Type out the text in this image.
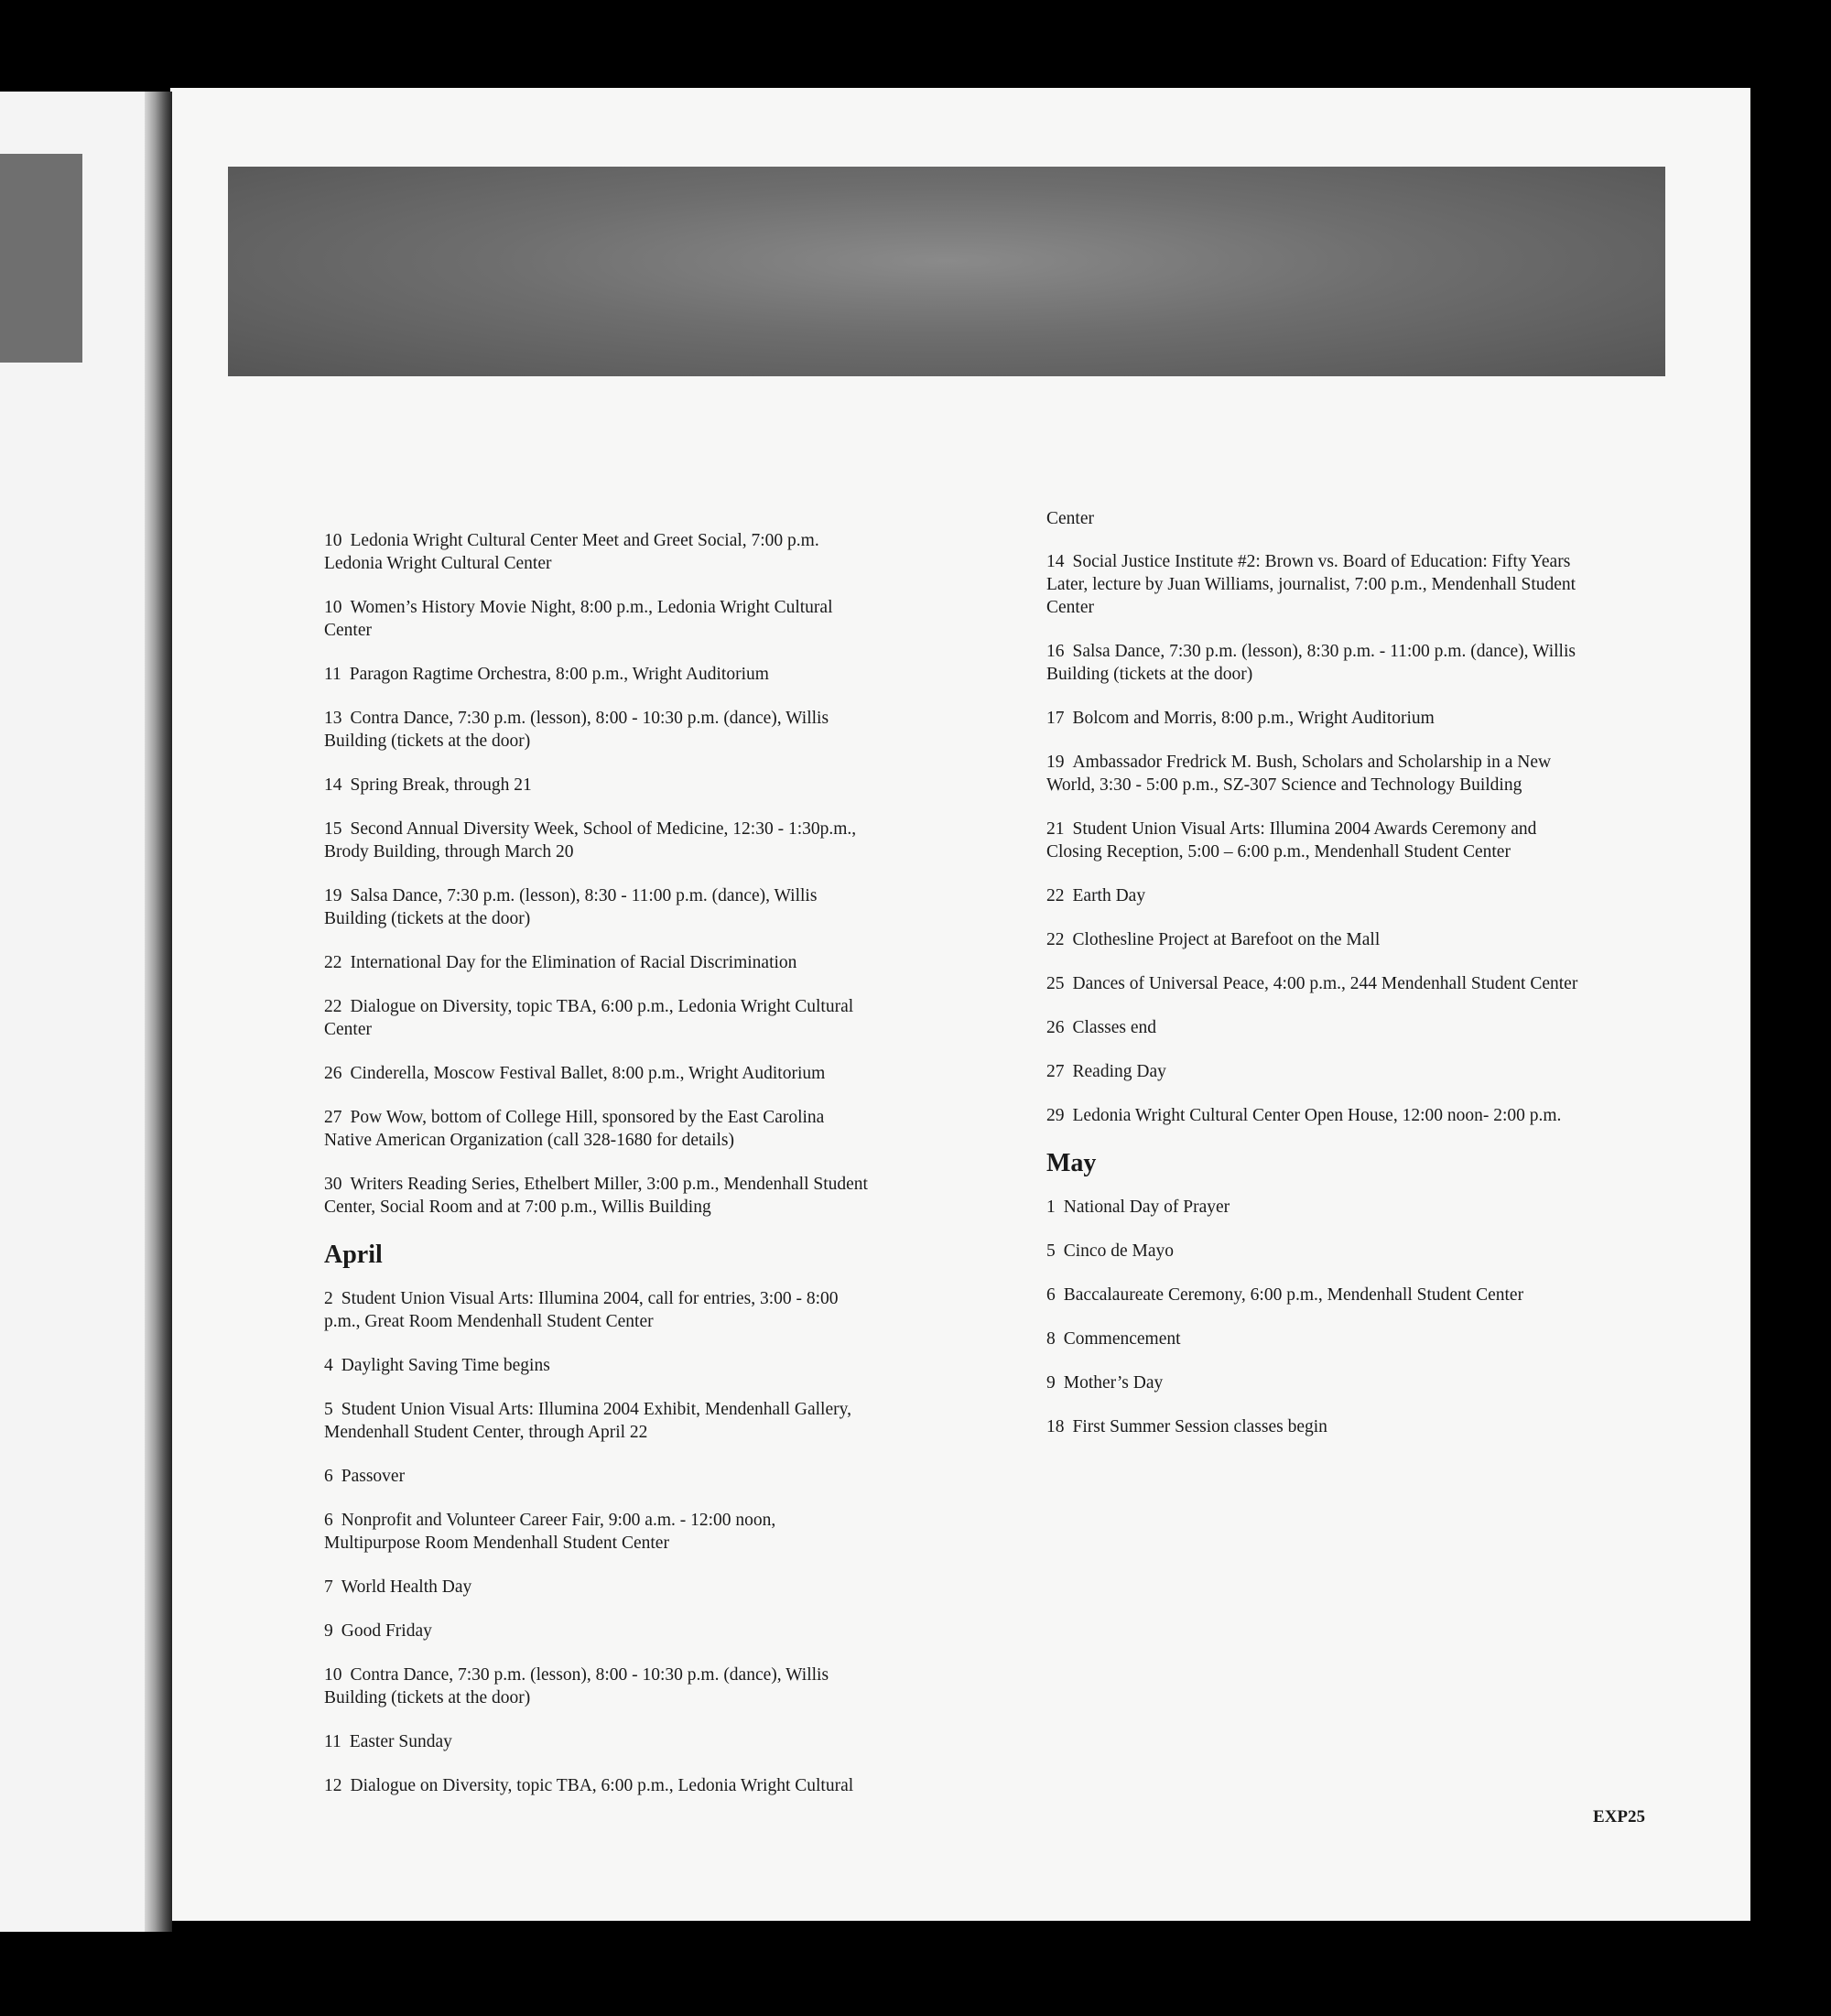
10 Ledonia Wright Cultural Center Meet and Greet Social, 7:00 p.m. Ledonia Wright Cultural Center
10 Women’s History Movie Night, 8:00 p.m., Ledonia Wright Cultural Center
11 Paragon Ragtime Orchestra, 8:00 p.m., Wright Auditorium
13 Contra Dance, 7:30 p.m. (lesson), 8:00 - 10:30 p.m. (dance), Willis Building (tickets at the door)
14 Spring Break, through 21
15 Second Annual Diversity Week, School of Medicine, 12:30 - 1:30p.m., Brody Building, through March 20
19 Salsa Dance, 7:30 p.m. (lesson), 8:30 - 11:00 p.m. (dance), Willis Building (tickets at the door)
22 International Day for the Elimination of Racial Discrimination
22 Dialogue on Diversity, topic TBA, 6:00 p.m., Ledonia Wright Cultural Center
26 Cinderella, Moscow Festival Ballet, 8:00 p.m., Wright Auditorium
27 Pow Wow, bottom of College Hill, sponsored by the East Carolina Native American Organization (call 328-1680 for details)
30 Writers Reading Series, Ethelbert Miller, 3:00 p.m., Mendenhall Student Center, Social Room and at 7:00 p.m., Willis Building
April
2 Student Union Visual Arts: Illumina 2004, call for entries, 3:00 - 8:00 p.m., Great Room Mendenhall Student Center
4 Daylight Saving Time begins
5 Student Union Visual Arts: Illumina 2004 Exhibit, Mendenhall Gallery, Mendenhall Student Center, through April 22
6 Passover
6 Nonprofit and Volunteer Career Fair, 9:00 a.m. - 12:00 noon, Multipurpose Room Mendenhall Student Center
7 World Health Day
9 Good Friday
10 Contra Dance, 7:30 p.m. (lesson), 8:00 - 10:30 p.m. (dance), Willis Building (tickets at the door)
11 Easter Sunday
12 Dialogue on Diversity, topic TBA, 6:00 p.m., Ledonia Wright Cultural
Center
14 Social Justice Institute #2: Brown vs. Board of Education: Fifty Years Later, lecture by Juan Williams, journalist, 7:00 p.m., Mendenhall Student Center
16 Salsa Dance, 7:30 p.m. (lesson), 8:30 p.m. - 11:00 p.m. (dance), Willis Building (tickets at the door)
17 Bolcom and Morris, 8:00 p.m., Wright Auditorium
19 Ambassador Fredrick M. Bush, Scholars and Scholarship in a New World, 3:30 - 5:00 p.m., SZ-307 Science and Technology Building
21 Student Union Visual Arts: Illumina 2004 Awards Ceremony and Closing Reception, 5:00 – 6:00 p.m., Mendenhall Student Center
22 Earth Day
22 Clothesline Project at Barefoot on the Mall
25 Dances of Universal Peace, 4:00 p.m., 244 Mendenhall Student Center
26 Classes end
27 Reading Day
29 Ledonia Wright Cultural Center Open House, 12:00 noon- 2:00 p.m.
May
1 National Day of Prayer
5 Cinco de Mayo
6 Baccalaureate Ceremony, 6:00 p.m., Mendenhall Student Center
8 Commencement
9 Mother’s Day
18 First Summer Session classes begin
EXP25
